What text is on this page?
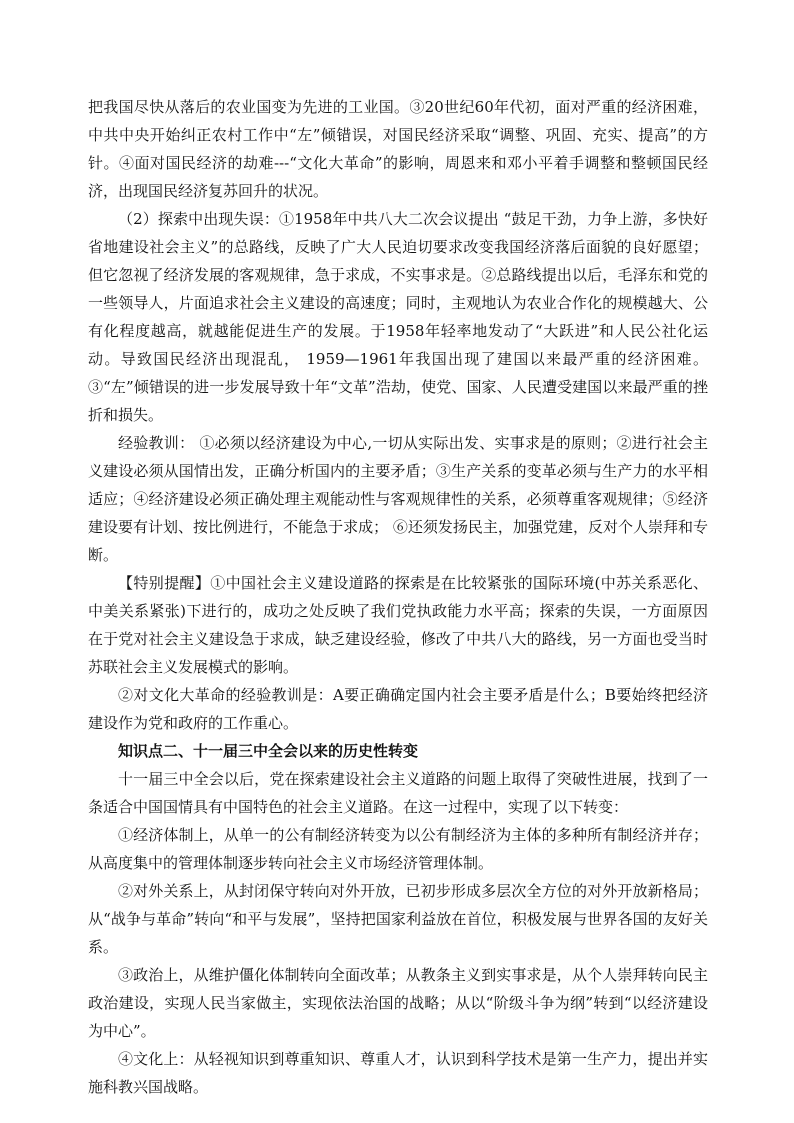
把我国尽快从落后的农业国变为先进的工业国。③20世纪60年代初，面对严重的经济困难，中共中央开始纠正农村工作中“左”倾错误，对国民经济采取“调整、巩固、充实、提高”的方针。④面对国民经济的劫难---“文化大革命”的影响，周恩来和邓小平着手调整和整顿国民经济，出现国民经济复苏回升的状况。

（2）探索中出现失误：①1958年中共八大二次会议提出 “鼓足干劲，力争上游，多快好省地建设社会主义”的总路线，反映了广大人民迫切要求改变我国经济落后面貌的良好愿望；但它忽视了经济发展的客观规律，急于求成，不实事求是。②总路线提出以后，毛泽东和党的一些领导人，片面追求社会主义建设的高速度；同时，主观地认为农业合作化的规模越大、公有化程度越高，就越能促进生产的发展。于1958年轻率地发动了“大跃进”和人民公社化运动。导致国民经济出现混乱， 1959—1961年我国出现了建国以来最严重的经济困难。③“左”倾错误的进一步发展导致十年“文革”浩劫，使党、国家、人民遭受建国以来最严重的挫折和损失。

经验教训： ①必须以经济建设为中心,一切从实际出发、实事求是的原则；②进行社会主义建设必须从国情出发，正确分析国内的主要矛盾；③生产关系的变革必须与生产力的水平相适应；④经济建设必须正确处理主观能动性与客观规律性的关系，必须尊重客观规律；⑤经济建设要有计划、按比例进行，不能急于求成； ⑥还须发扬民主，加强党建，反对个人崇拜和专断。

【特别提醒】①中国社会主义建设道路的探索是在比较紧张的国际环境(中苏关系恶化、中美关系紧张)下进行的，成功之处反映了我们党执政能力水平高；探索的失误，一方面原因在于党对社会主义建设急于求成，缺乏建设经验，修改了中共八大的路线，另一方面也受当时苏联社会主义发展模式的影响。

②对文化大革命的经验教训是：A要正确确定国内社会主要矛盾是什么；B要始终把经济建设作为党和政府的工作重心。

知识点二、十一届三中全会以来的历史性转变

十一届三中全会以后，党在探索建设社会主义道路的问题上取得了突破性进展，找到了一条适合中国国情具有中国特色的社会主义道路。在这一过程中，实现了以下转变：

①经济体制上，从单一的公有制经济转变为以公有制经济为主体的多种所有制经济并存；从高度集中的管理体制逐步转向社会主义市场经济管理体制。

②对外关系上，从封闭保守转向对外开放，已初步形成多层次全方位的对外开放新格局；从“战争与革命”转向“和平与发展”，坚持把国家利益放在首位，积极发展与世界各国的友好关系。

③政治上，从维护僵化体制转向全面改革；从教条主义到实事求是，从个人崇拜转向民主政治建设，实现人民当家做主，实现依法治国的战略；从以“阶级斗争为纲”转到“以经济建设为中心”。

④文化上：从轻视知识到尊重知识、尊重人才，认识到科学技术是第一生产力，提出并实施科教兴国战略。
